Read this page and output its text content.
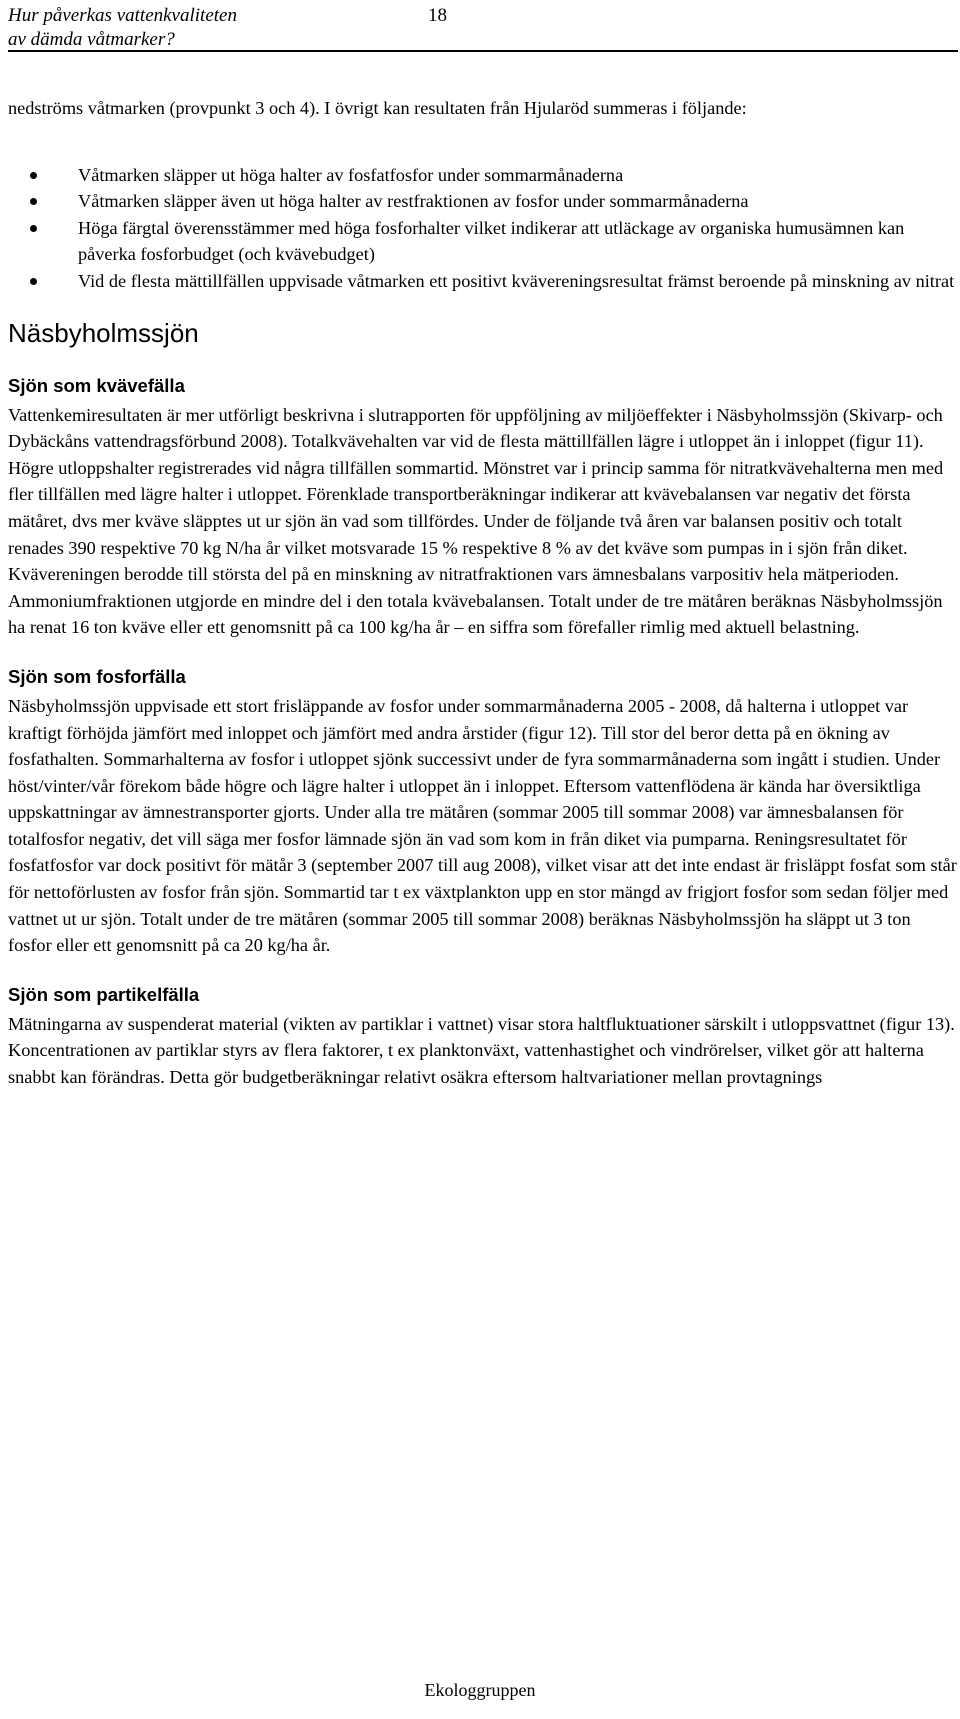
Hur påverkas vattenkvaliteten
av dämda våtmarker?
18

nedströms våtmarken (provpunkt 3 och 4). I övrigt kan resultaten från Hjularöd summeras i följande:

Våtmarken släpper ut höga halter av fosfatfosfor under sommarmånaderna
Våtmarken släpper även ut höga halter av restfraktionen av fosfor under sommarmånaderna
Höga färgtal överensstämmer med höga fosforhalter vilket indikerar att utläckage av organiska humusämnen kan påverka fosforbudget (och kvävebudget)
Vid de flesta mättillfällen uppvisade våtmarken ett positivt kvävereningsresultat främst beroende på minskning av nitrat
Näsbyholmssjön
Sjön som kvävefälla

Vattenkemiresultaten är mer utförligt beskrivna i slutrapporten för uppföljning av miljöeffekter i Näsbyholmssjön (Skivarp- och Dybäckåns vattendragsförbund 2008). Totalkvävehalten var vid de flesta mättillfällen lägre i utloppet än i inloppet (figur 11). Högre utloppshalter registrerades vid några tillfällen sommartid. Mönstret var i princip samma för nitratkvävehalterna men med fler tillfällen med lägre halter i utloppet. Förenklade transportberäkningar indikerar att kvävebalansen var negativ det första mätåret, dvs mer kväve släpptes ut ur sjön än vad som tillfördes. Under de följande två åren var balansen positiv och totalt renades 390 respektive 70 kg N/ha år vilket motsvarade 15 % respektive 8 % av det kväve som pumpas in i sjön från diket. Kvävereningen berodde till största del på en minskning av nitratfraktionen vars ämnesbalans varpositiv hela mätperioden. Ammoniumfraktionen utgjorde en mindre del i den totala kvävebalansen. Totalt under de tre mätåren beräknas Näsbyholmssjön ha renat 16 ton kväve eller ett genomsnitt på ca 100 kg/ha år – en siffra som förefaller rimlig med aktuell belastning.

Sjön som fosforfälla

Näsbyholmssjön uppvisade ett stort frisläppande av fosfor under sommarmånaderna 2005 - 2008, då halterna i utloppet var kraftigt förhöjda jämfört med inloppet och jämfört med andra årstider (figur 12). Till stor del beror detta på en ökning av fosfathalten. Sommarhalterna av fosfor i utloppet sjönk successivt under de fyra sommarmånaderna som ingått i studien. Under höst/vinter/vår förekom både högre och lägre halter i utloppet än i inloppet. Eftersom vattenflödena är kända har översiktliga uppskattningar av ämnestransporter gjorts. Under alla tre mätåren (sommar 2005 till sommar 2008) var ämnesbalansen för totalfosfor negativ, det vill säga mer fosfor lämnade sjön än vad som kom in från diket via pumparna. Reningsresultatet för fosfatfosfor var dock positivt för mätår 3 (september 2007 till aug 2008), vilket visar att det inte endast är frisläppt fosfat som står för nettoförlusten av fosfor från sjön. Sommartid tar t ex växtplankton upp en stor mängd av frigjort fosfor som sedan följer med vattnet ut ur sjön. Totalt under de tre mätåren (sommar 2005 till sommar 2008) beräknas Näsbyholmssjön ha släppt ut 3 ton fosfor eller ett genomsnitt på ca 20 kg/ha år.

Sjön som partikelfälla

Mätningarna av suspenderat material (vikten av partiklar i vattnet) visar stora haltfluktuationer särskilt i utloppsvattnet (figur 13). Koncentrationen av partiklar styrs av flera faktorer, t ex planktonväxt, vattenhastighet och vindrörelser, vilket gör att halterna snabbt kan förändras. Detta gör budgetberäkningar relativt osäkra eftersom haltvariationer mellan provtagnings

Ekologgruppen
